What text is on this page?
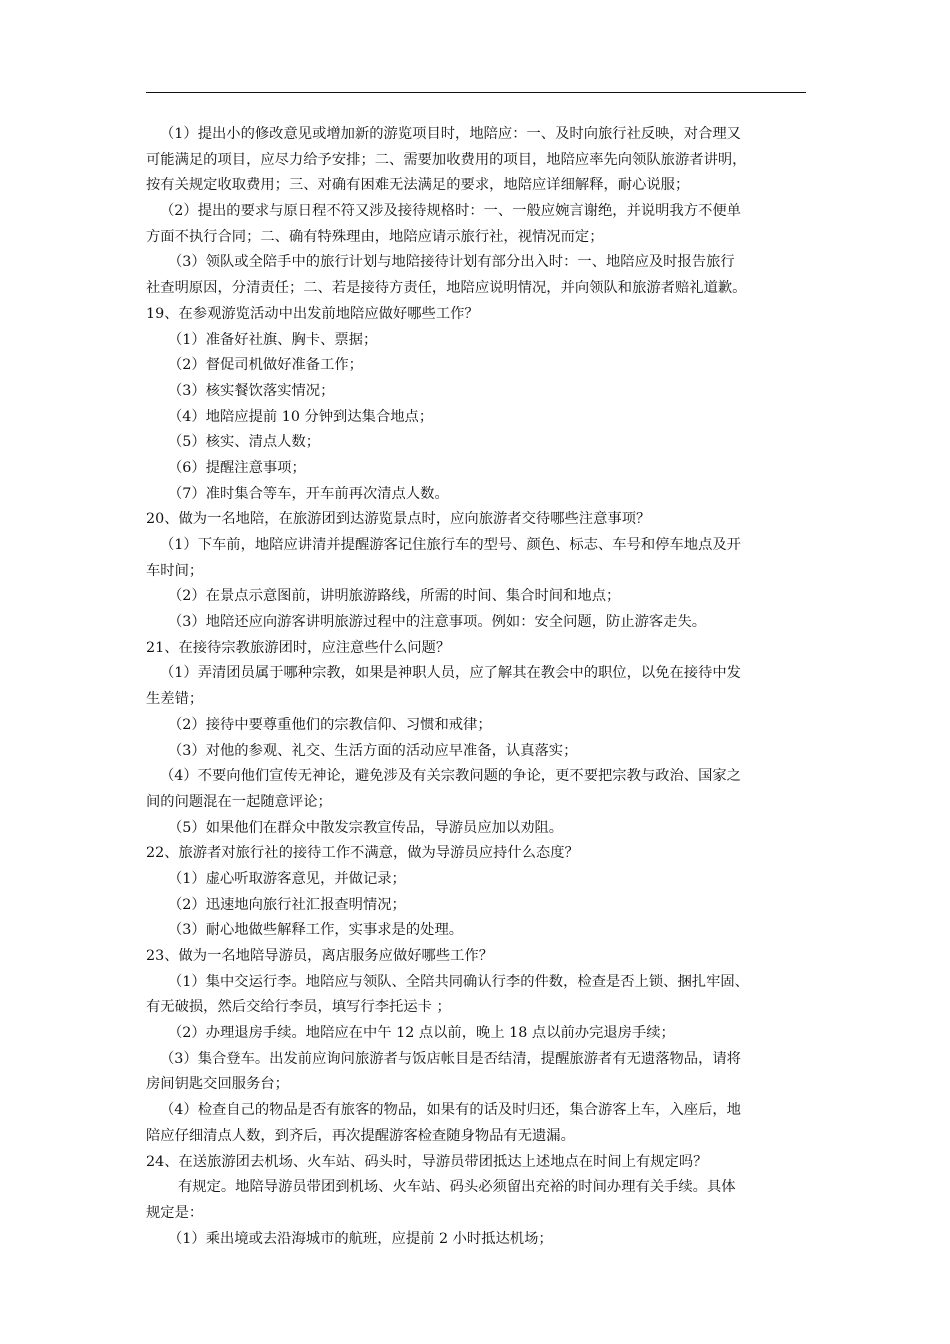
（1）提出小的修改意见或增加新的游览项目时，地陪应：一、及时向旅行社反映，对合理又
可能满足的项目，应尽力给予安排；二、需要加收费用的项目，地陪应率先向领队旅游者讲明，
按有关规定收取费用；三、对确有困难无法满足的要求，地陪应详细解释，耐心说服；
（2）提出的要求与原日程不符又涉及接待规格时：一、一般应婉言谢绝，并说明我方不便单
方面不执行合同；二、确有特殊理由，地陪应请示旅行社，视情况而定；
（3）领队或全陪手中的旅行计划与地陪接待计划有部分出入时：一、地陪应及时报告旅行
社查明原因，分清责任；二、若是接待方责任，地陪应说明情况，并向领队和旅游者赔礼道歉。
19、在参观游览活动中出发前地陪应做好哪些工作？
（1）准备好社旗、胸卡、票据；
（2）督促司机做好准备工作；
（3）核实餐饮落实情况；
（4）地陪应提前 10 分钟到达集合地点；
（5）核实、清点人数；
（6）提醒注意事项；
（7）准时集合等车，开车前再次清点人数。
20、做为一名地陪，在旅游团到达游览景点时，应向旅游者交待哪些注意事项？
（1）下车前，地陪应讲清并提醒游客记住旅行车的型号、颜色、标志、车号和停车地点及开
车时间；
（2）在景点示意图前，讲明旅游路线，所需的时间、集合时间和地点；
（3）地陪还应向游客讲明旅游过程中的注意事项。例如：安全问题，防止游客走失。
21、在接待宗教旅游团时，应注意些什么问题？
（1）弄清团员属于哪种宗教，如果是神职人员，应了解其在教会中的职位，以免在接待中发
生差错；
（2）接待中要尊重他们的宗教信仰、习惯和戒律；
（3）对他的参观、礼交、生活方面的活动应早准备，认真落实；
（4）不要向他们宣传无神论，避免涉及有关宗教问题的争论，更不要把宗教与政治、国家之
间的问题混在一起随意评论；
（5）如果他们在群众中散发宗教宣传品，导游员应加以劝阻。
22、旅游者对旅行社的接待工作不满意，做为导游员应持什么态度？
（1）虚心听取游客意见，并做记录；
（2）迅速地向旅行社汇报查明情况；
（3）耐心地做些解释工作，实事求是的处理。
23、做为一名地陪导游员，离店服务应做好哪些工作？
（1）集中交运行李。地陪应与领队、全陪共同确认行李的件数，检查是否上锁、捆扎牢固、
有无破损，然后交给行李员，填写行李托运卡 ；
（2）办理退房手续。地陪应在中午 12 点以前，晚上 18 点以前办完退房手续；
（3）集合登车。出发前应询问旅游者与饭店帐目是否结清，提醒旅游者有无遗落物品，请将
房间钥匙交回服务台；
（4）检查自己的物品是否有旅客的物品，如果有的话及时归还，集合游客上车，入座后，地
陪应仔细清点人数，到齐后，再次提醒游客检查随身物品有无遗漏。
24、在送旅游团去机场、火车站、码头时，导游员带团抵达上述地点在时间上有规定吗？
有规定。地陪导游员带团到机场、火车站、码头必须留出充裕的时间办理有关手续。具体
规定是：
（1）乘出境或去沿海城市的航班，应提前 2 小时抵达机场；
